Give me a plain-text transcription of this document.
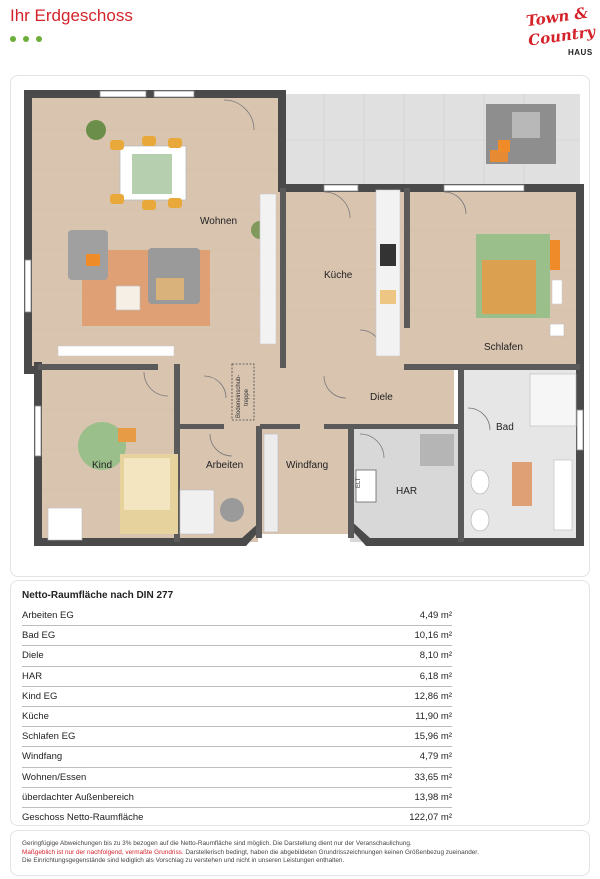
Ihr Erdgeschoss	Town &
Country
HAUS
Wohnen
Küche
Schlafen
Diele
Bad
Kind	Arbeiten	Windfang
HAR
ELT
Bodeneinschub- treppe
Netto-Raumfläche nach DIN 277
Arbeiten EG	4,49 m²
Bad EG	10,16 m²
Diele	8,10 m²
HAR	6,18 m²
Kind EG	12,86 m²
Küche	11,90 m²
Schlafen EG	15,96 m²
Windfang	4,79 m²
Wohnen/Essen	33,65 m²
überdachter Außenbereich	13,98 m²
Geschoss Netto-Raumfläche	122,07 m²
Geringfügige Abweichungen bis zu 3% bezogen auf die Netto-Raumfläche sind möglich. Die Darstellung dient nur der Veranschaulichung.
Maßgeblich ist nur der nachfolgend, vermaßte Grundriss. Darstellerisch bedingt, haben die abgebildeten Grundrisszeichnungen keinen Größenbezug zueinander.
Die Einrichtungsgegenstände sind lediglich als Vorschlag zu verstehen und nicht in unseren Leistungen enthalten.
